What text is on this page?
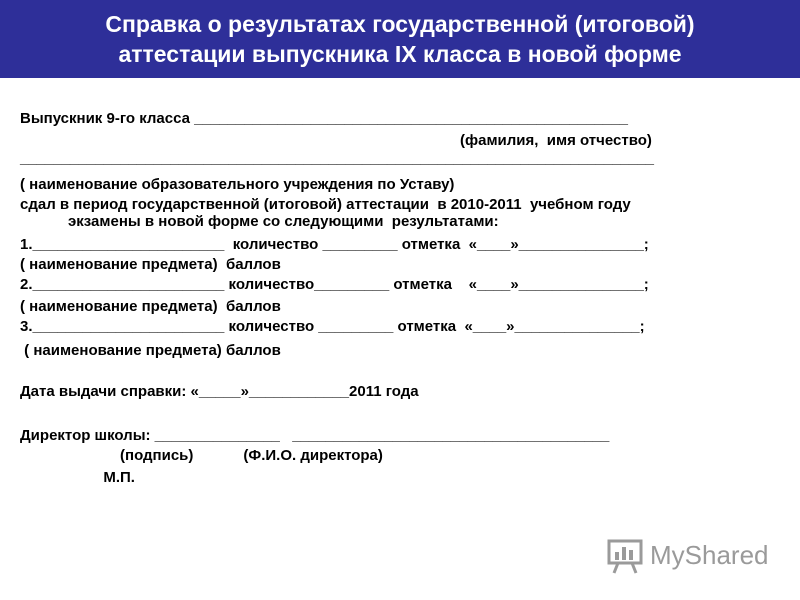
Справка о результатах государственной (итоговой)
аттестации выпускника IX класса в новой форме
Выпускник 9-го класса ____________________________________________________
(фамилия,  имя отчество)
____________________________________________________________________________
( наименование образовательного учреждения по Уставу)
сдал в период государственной (итоговой) аттестации  в 2010-2011  учебном году
экзамены в новой форме со следующими  результатами:
1._______________________  количество _________ отметка  «____»_______________;
( наименование предмета)  баллов
2._______________________ количество_________ отметка    «____»_______________;
( наименование предмета)  баллов
3._______________________ количество _________ отметка  «____»_______________;
( наименование предмета) баллов
Дата выдачи справки: «_____»____________2011 года
Директор школы: _______________   ______________________________________
(подпись)            (Ф.И.О. директора)
М.П.
MyShared
